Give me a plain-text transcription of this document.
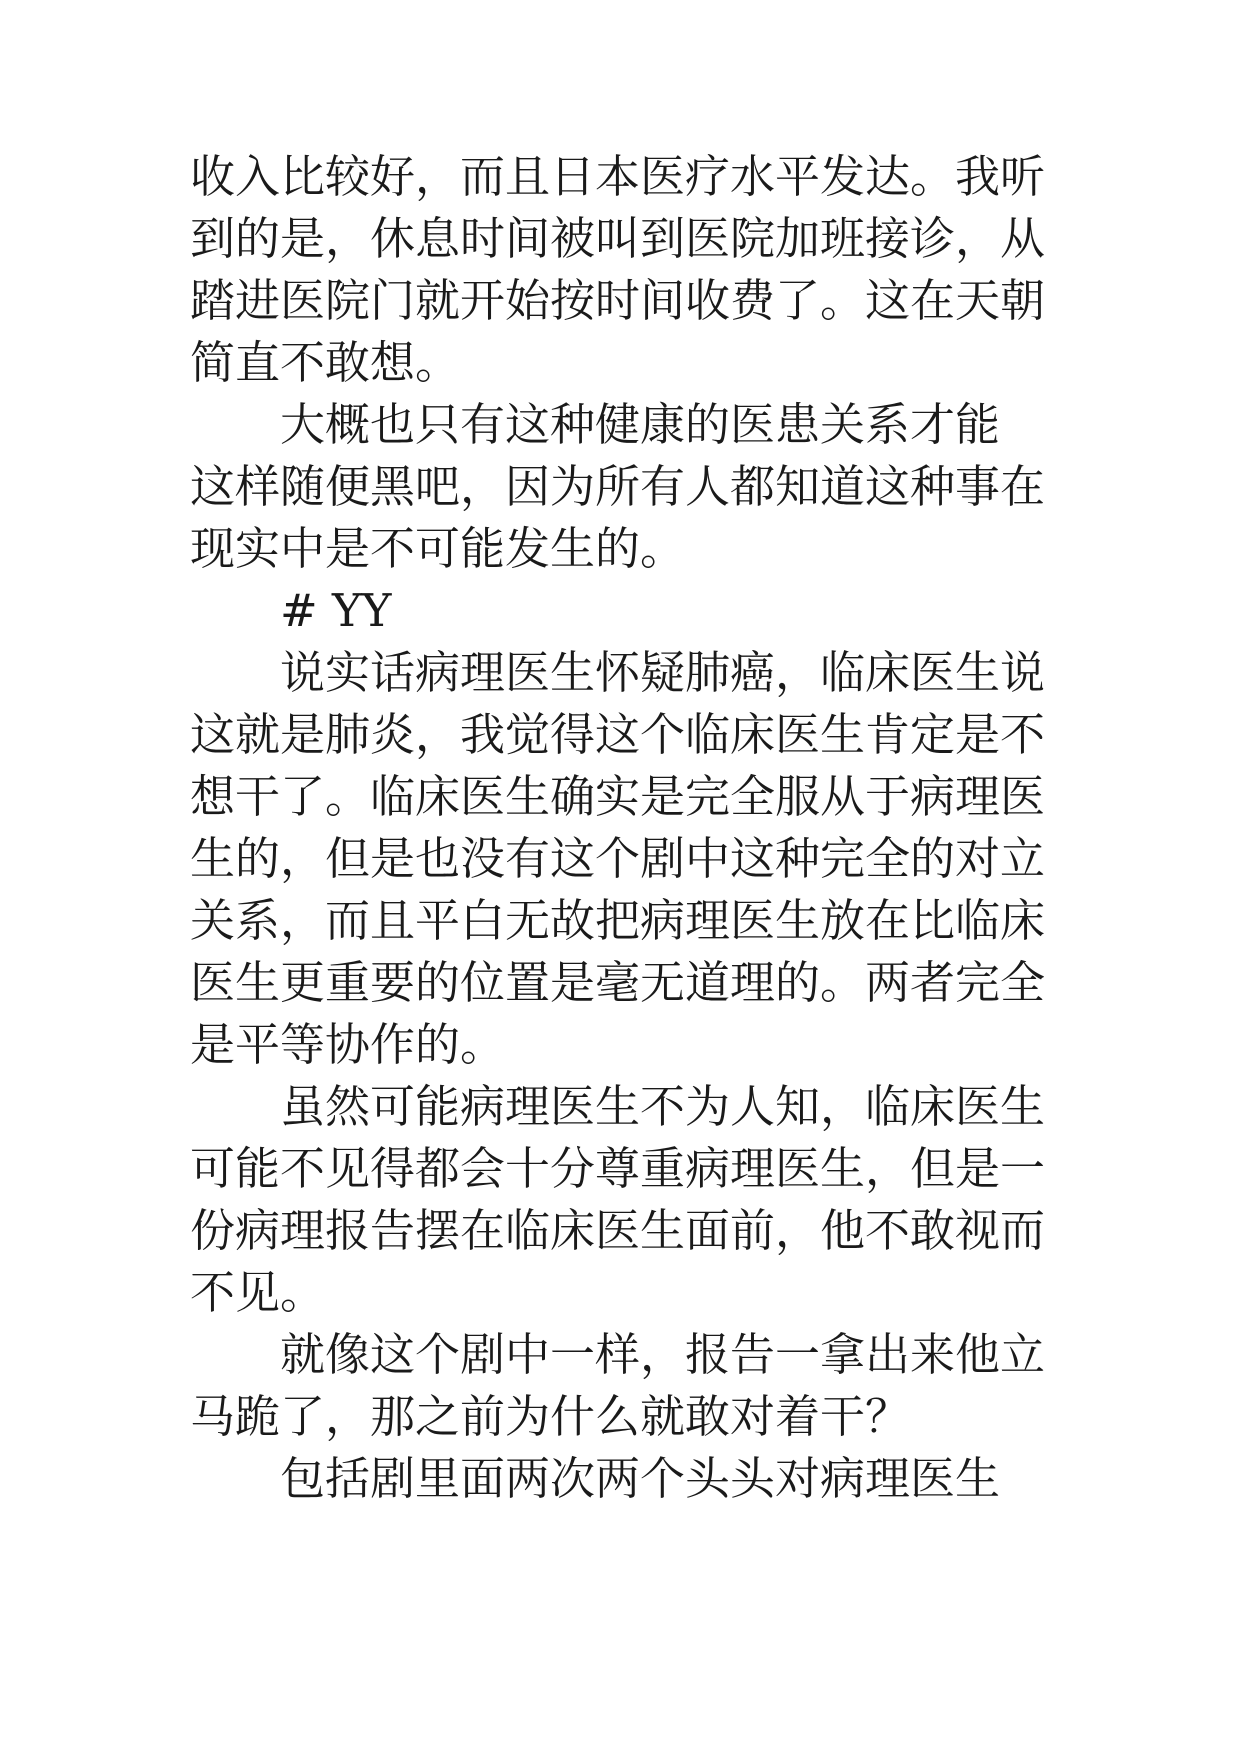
收入比较好，而且日本医疗水平发达。我听
到的是，休息时间被叫到医院加班接诊，从
踏进医院门就开始按时间收费了。这在天朝
简直不敢想。
大概也只有这种健康的医患关系才能
这样随便黑吧，因为所有人都知道这种事在
现实中是不可能发生的。
# YY
说实话病理医生怀疑肺癌，临床医生说
这就是肺炎，我觉得这个临床医生肯定是不
想干了。临床医生确实是完全服从于病理医
生的，但是也没有这个剧中这种完全的对立
关系，而且平白无故把病理医生放在比临床
医生更重要的位置是毫无道理的。两者完全
是平等协作的。
虽然可能病理医生不为人知，临床医生
可能不见得都会十分尊重病理医生，但是一
份病理报告摆在临床医生面前，他不敢视而
不见。
就像这个剧中一样，报告一拿出来他立
马跪了，那之前为什么就敢对着干？
包括剧里面两次两个头头对病理医生
